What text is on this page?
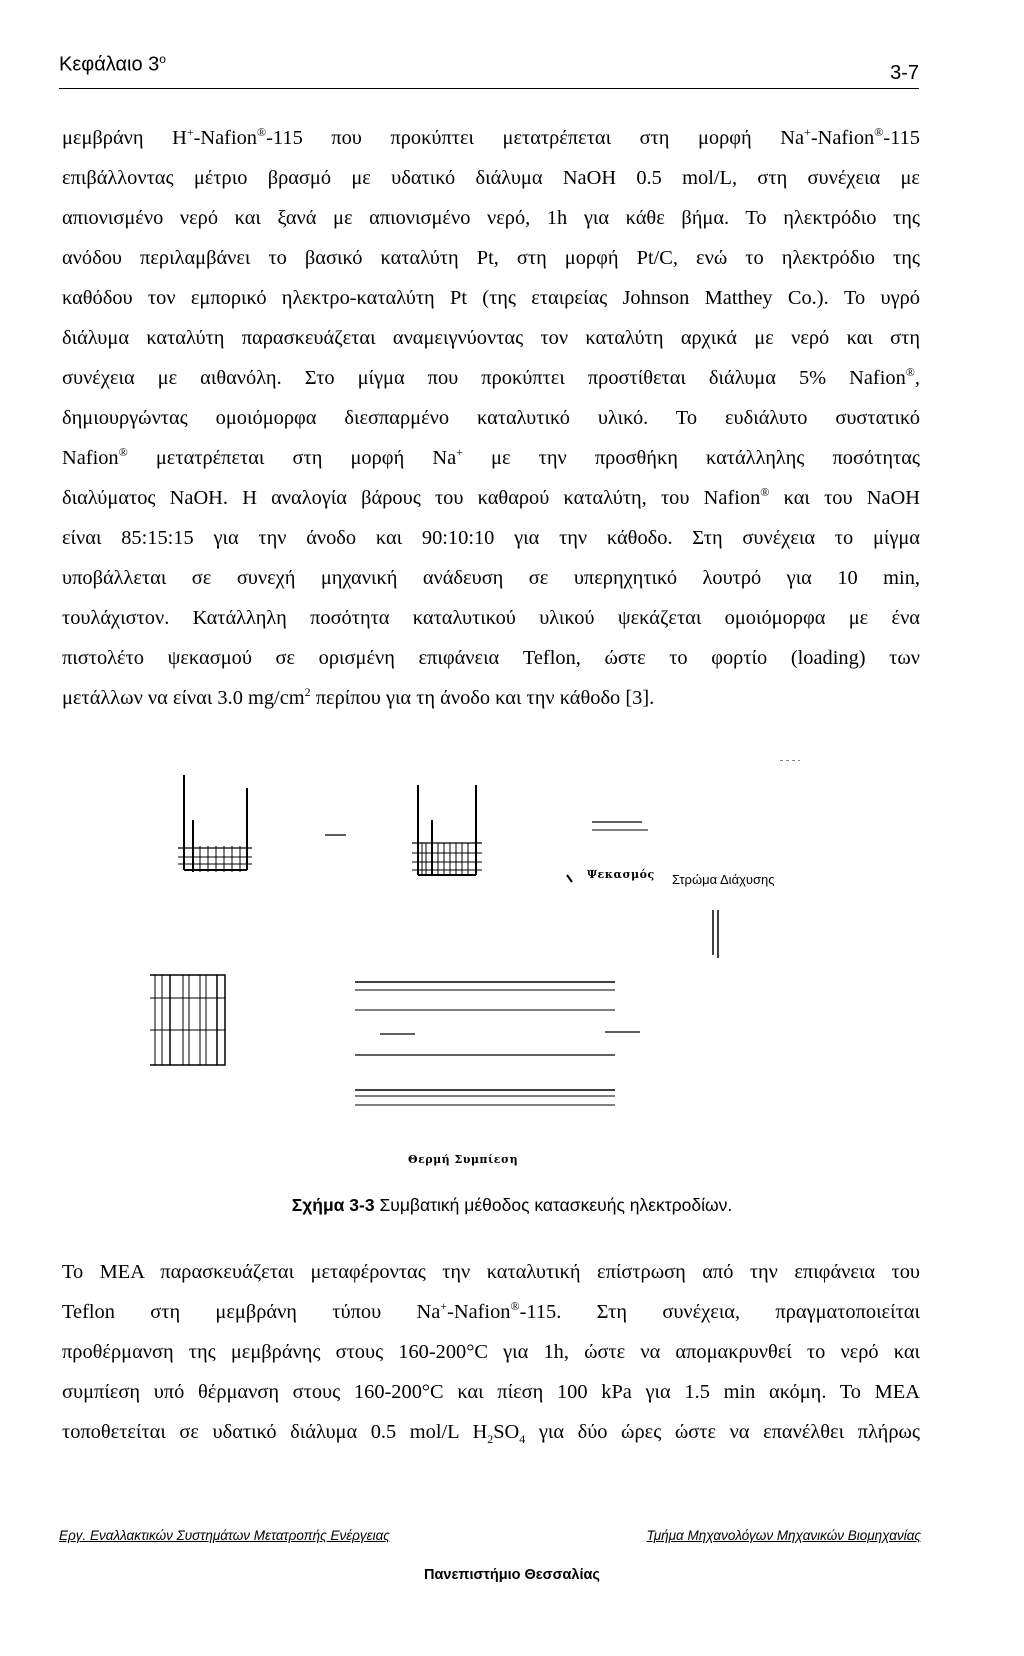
Κεφάλαιο $3^o$
3-7
μεμβράνη Η+-Nafion®-115 που προκύπτει μετατρέπεται στη μορφή Na+-Nafion®-115
επιβάλλοντας μέτριο βρασμό με υδατικό διάλυμα NaOH 0.5 mol/L, στη συνέχεια με
απιονισμένο νερό και ξανά με απιονισμένο νερό, 1h για κάθε βήμα. Το ηλεκτρόδιο της
ανόδου περιλαμβάνει το βασικό καταλύτη Pt, στη μορφή Pt/C, ενώ το ηλεκτρόδιο της
καθόδου τον εμπορικό ηλεκτρο-καταλύτη Pt (της εταιρείας Johnson Matthey Co.). Το υγρό
διάλυμα καταλύτη παρασκευάζεται αναμειγνύοντας τον καταλύτη αρχικά με νερό και στη
συνέχεια με αιθανόλη. Στο μίγμα που προκύπτει προστίθεται διάλυμα 5% Nafion®,
δημιουργώντας ομοιόμορφα διεσπαρμένο καταλυτικό υλικό. Το ευδιάλυτο συστατικό
Nafion® μετατρέπεται στη μορφή Na+ με την προσθήκη κατάλληλης ποσότητας
διαλύματος NaOH. Η αναλογία βάρους του καθαρού καταλύτη, του Nafion® και του NaOH
είναι 85:15:15 για την άνοδο και 90:10:10 για την κάθοδο. Στη συνέχεια το μίγμα
υποβάλλεται σε συνεχή μηχανική ανάδευση σε υπερηχητικό λουτρό για 10 min,
τουλάχιστον. Κατάλληλη ποσότητα καταλυτικού υλικού ψεκάζεται ομοιόμορφα με ένα
πιστολέτο ψεκασμού σε ορισμένη επιφάνεια Teflon, ώστε το φορτίο (loading) των
μετάλλων να είναι 3.0 $mg/cm^2$ περίπου για τη άνοδο και την κάθοδο [3].
Ψεκασμός Στρώμα Διάχυσης
Θερμή Συμπίεση
Σχήμα 3-3 Συμβατική μέθοδος κατασκευής ηλεκτροδίων.
Το ΜΕΑ παρασκευάζεται μεταφέροντας την καταλυτική επίστρωση από την επιφάνεια του
Teflon στη μεμβράνη τύπου Na+-Nafion®-115. Στη συνέχεια, πραγματοποιείται
προθέρμανση της μεμβράνης στους 160-200°C για 1h, ώστε να απομακρυνθεί το νερό και
συμπίεση υπό θέρμανση στους 160-200°C και πίεση 100 kPa για 1.5 min ακόμη. Το ΜΕΑ
τοποθετείται σε υδατικό διάλυμα 0.5 mol/L $H_2SO_4$ για δύο ώρες ώστε να επανέλθει πλήρως
Εργ. Εναλλακτικών Συστημάτων Μετατροπής Ενέργειας	Τμήμα Μηχανολόγων Μηχανικών Βιομηχανίας
Πανεπιστήμιο Θεσσαλίας
